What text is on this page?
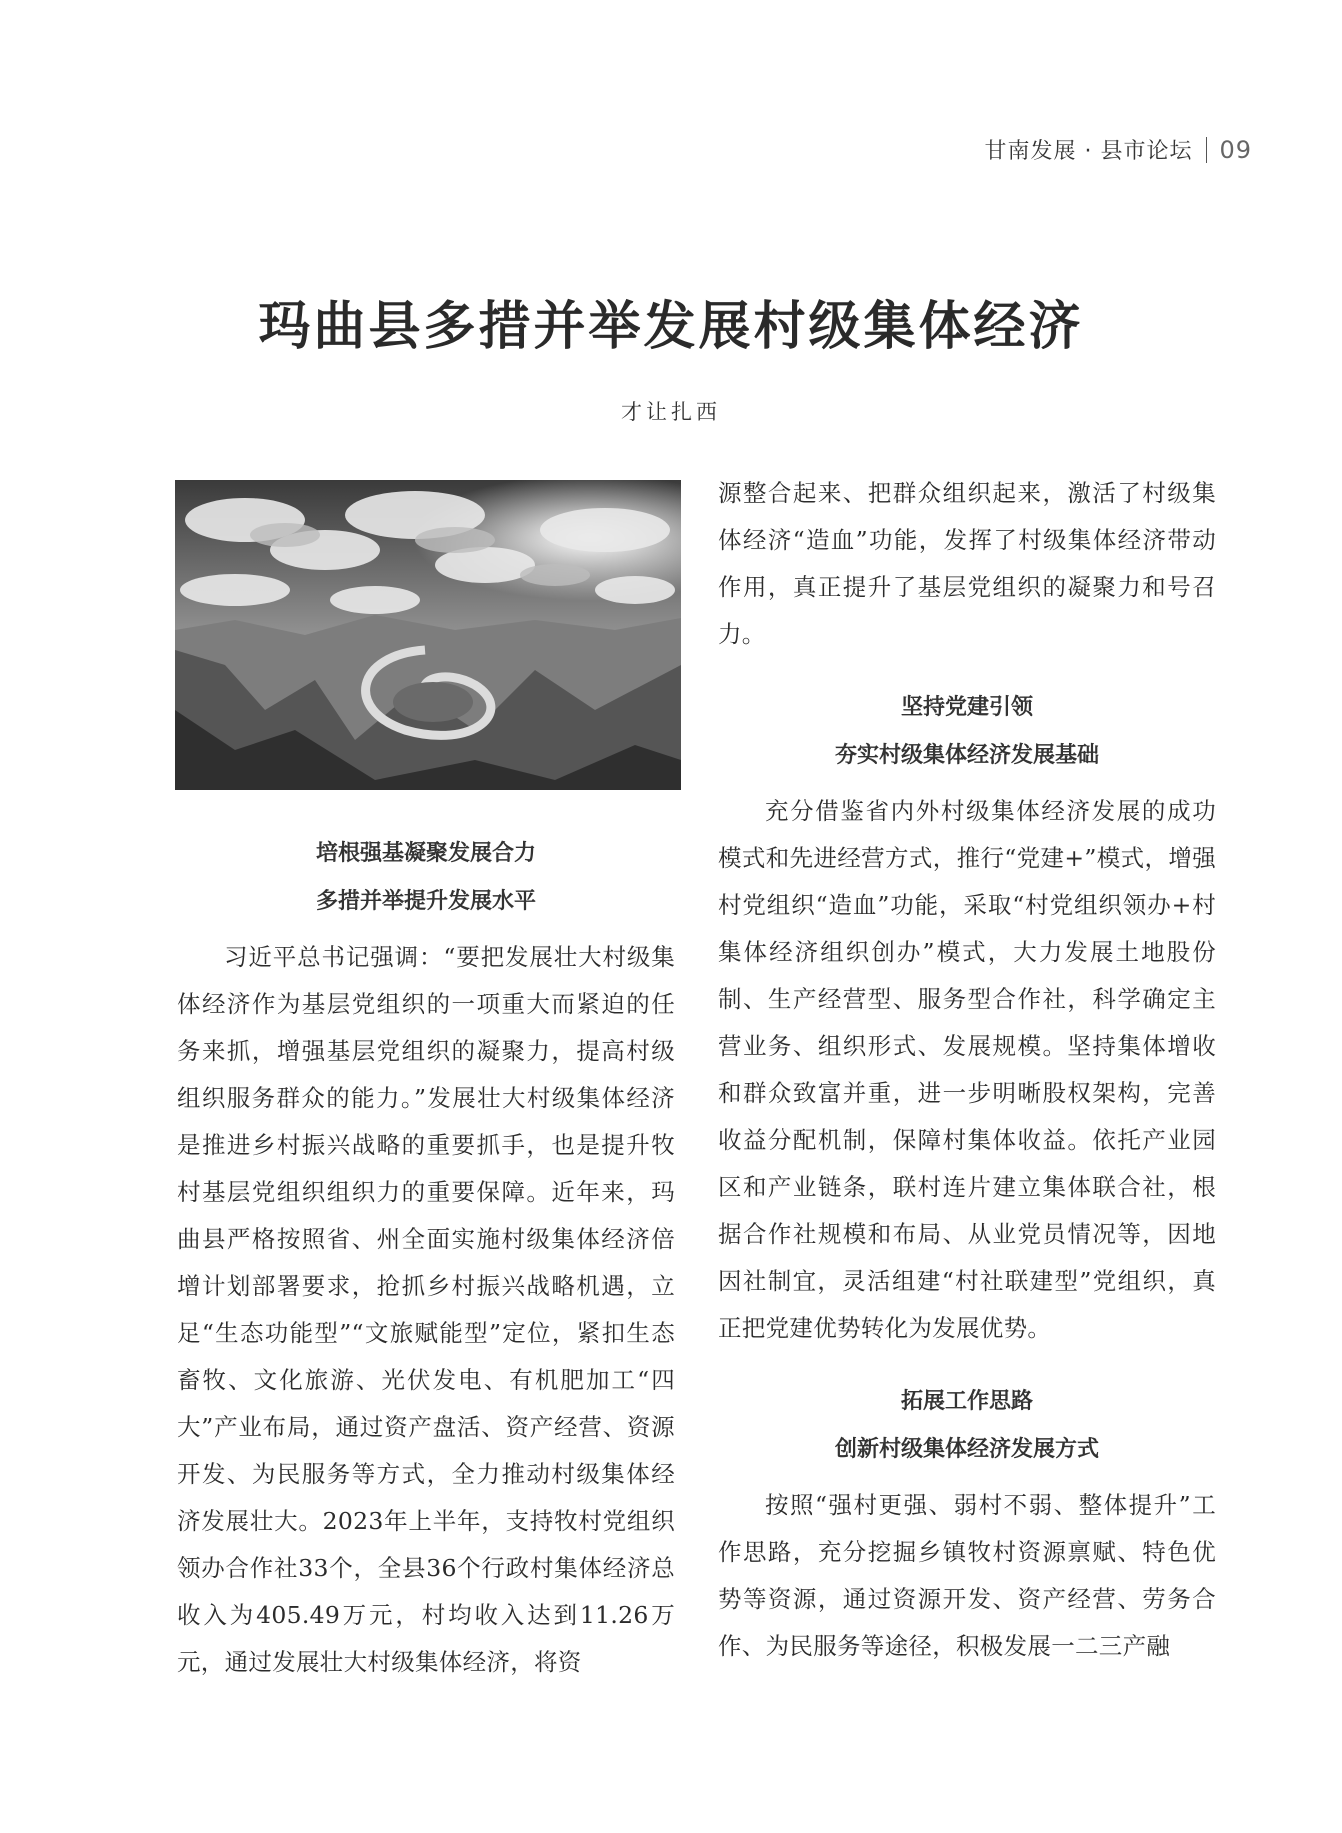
甘南发展 · 县市论坛 09
玛曲县多措并举发展村级集体经济
才让扎西
培根强基凝聚发展合力
多措并举提升发展水平

习近平总书记强调：“要把发展壮大村级集体经济作为基层党组织的一项重大而紧迫的任务来抓，增强基层党组织的凝聚力，提高村级组织服务群众的能力。”发展壮大村级集体经济是推进乡村振兴战略的重要抓手，也是提升牧村基层党组织组织力的重要保障。近年来，玛曲县严格按照省、州全面实施村级集体经济倍增计划部署要求，抢抓乡村振兴战略机遇，立足“生态功能型”“文旅赋能型”定位，紧扣生态畜牧、文化旅游、光伏发电、有机肥加工“四大”产业布局，通过资产盘活、资产经营、资源开发、为民服务等方式，全力推动村级集体经济发展壮大。2023年上半年，支持牧村党组织领办合作社33个，全县36个行政村集体经济总收入为405.49万元，村均收入达到11.26万元，通过发展壮大村级集体经济，将资

源整合起来、把群众组织起来，激活了村级集体经济“造血”功能，发挥了村级集体经济带动作用，真正提升了基层党组织的凝聚力和号召力。

坚持党建引领
夯实村级集体经济发展基础

充分借鉴省内外村级集体经济发展的成功模式和先进经营方式，推行“党建+”模式，增强村党组织“造血”功能，采取“村党组织领办+村集体经济组织创办”模式，大力发展土地股份制、生产经营型、服务型合作社，科学确定主营业务、组织形式、发展规模。坚持集体增收和群众致富并重，进一步明晰股权架构，完善收益分配机制，保障村集体收益。依托产业园区和产业链条，联村连片建立集体联合社，根据合作社规模和布局、从业党员情况等，因地因社制宜，灵活组建“村社联建型”党组织，真正把党建优势转化为发展优势。

拓展工作思路
创新村级集体经济发展方式

按照“强村更强、弱村不弱、整体提升”工作思路，充分挖掘乡镇牧村资源禀赋、特色优势等资源，通过资源开发、资产经营、劳务合作、为民服务等途径，积极发展一二三产融
